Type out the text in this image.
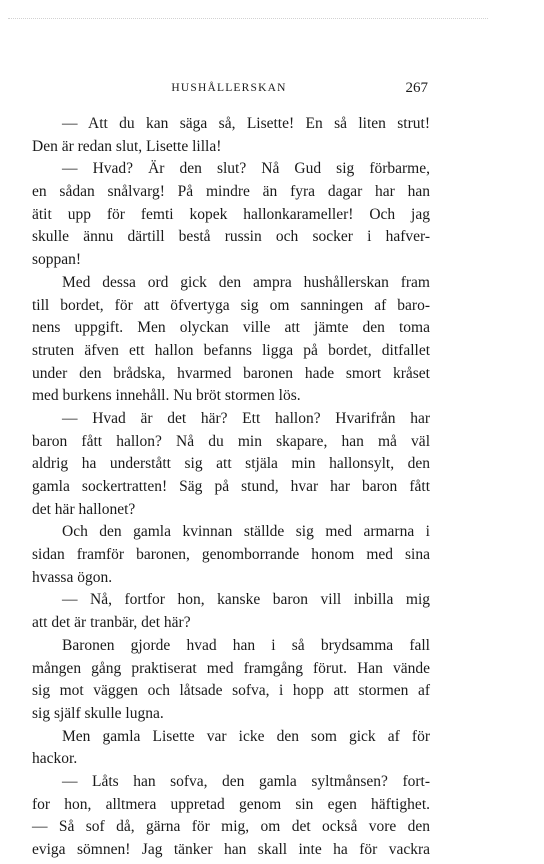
HUSHÅLLERSKAN	267
— Att du kan säga så, Lisette! En så liten strut!
Den är redan slut, Lisette lilla!
— Hvad? Är den slut? Nå Gud sig förbarme,
en sådan snålvarg! På mindre än fyra dagar har han
ätit upp för femti kopek hallonkarameller! Och jag
skulle ännu därtill bestå russin och socker i hafver-
soppan!
Med dessa ord gick den ampra hushållerskan fram
till bordet, för att öfvertyga sig om sanningen af baro-
nens uppgift. Men olyckan ville att jämte den toma
struten äfven ett hallon befanns ligga på bordet, ditfallet
under den brådska, hvarmed baronen hade smort kråset
med burkens innehåll. Nu bröt stormen lös.
— Hvad är det här? Ett hallon? Hvarifrån har
baron fått hallon? Nå du min skapare, han må väl
aldrig ha understått sig att stjäla min hallonsylt, den
gamla sockertratten! Säg på stund, hvar har baron fått
det här hallonet?
Och den gamla kvinnan ställde sig med armarna i
sidan framför baronen, genomborrande honom med sina
hvassa ögon.
— Nå, fortfor hon, kanske baron vill inbilla mig
att det är tranbär, det här?
Baronen gjorde hvad han i så brydsamma fall
mången gång praktiserat med framgång förut. Han vände
sig mot väggen och låtsade sofva, i hopp att stormen af
sig själf skulle lugna.
Men gamla Lisette var icke den som gick af för
hackor.
— Låts han sofva, den gamla syltmånsen? fort-
for hon, alltmera uppretad genom sin egen häftighet.
— Så sof då, gärna för mig, om det också vore den
eviga sömnen! Jag tänker han skall inte ha för vackra
